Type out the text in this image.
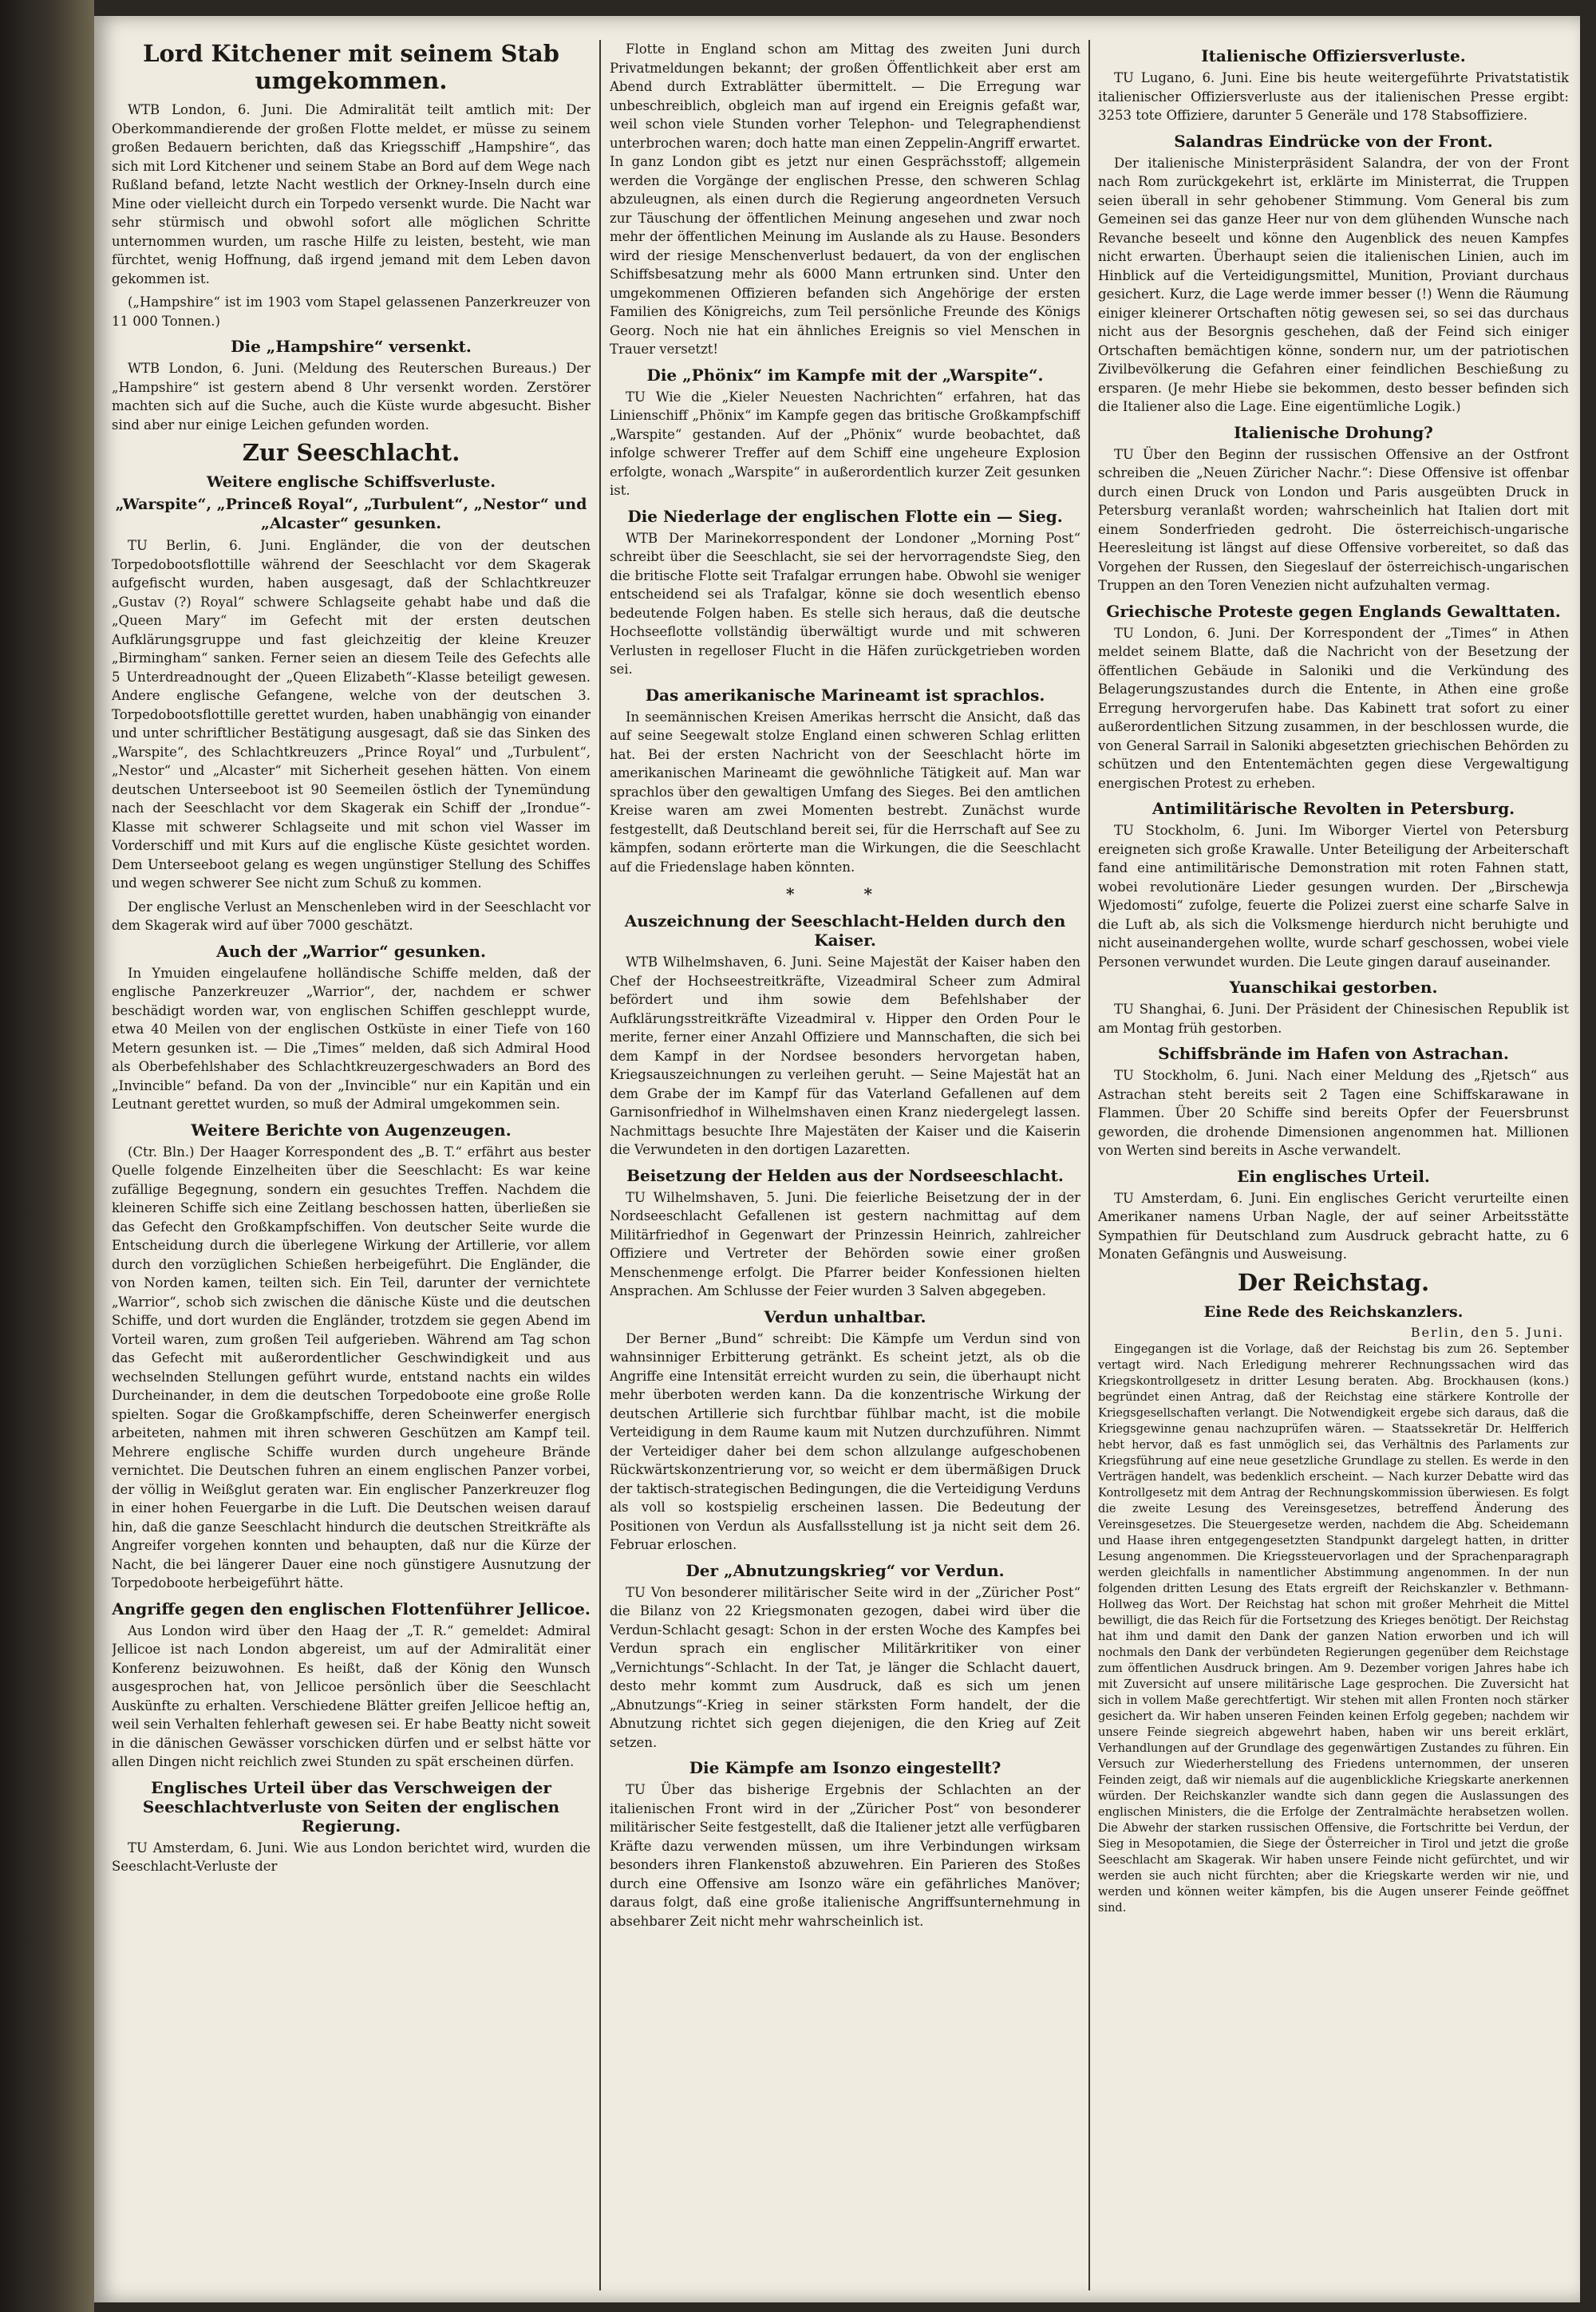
Lord Kitchener mit seinem Stab umgekommen.

WTB London, 6. Juni. Die Admiralität teilt amtlich mit: Der Oberkommandierende der großen Flotte meldet, er müsse zu seinem großen Bedauern berichten, daß das Kriegsschiff „Hampshire“, das sich mit Lord Kitchener und seinem Stabe an Bord auf dem Wege nach Rußland befand, letzte Nacht westlich der Orkney-Inseln durch eine Mine oder vielleicht durch ein Torpedo versenkt wurde. Die Nacht war sehr stürmisch und obwohl sofort alle möglichen Schritte unternommen wurden, um rasche Hilfe zu leisten, besteht, wie man fürchtet, wenig Hoffnung, daß irgend jemand mit dem Leben davon gekommen ist.

(„Hampshire“ ist im 1903 vom Stapel gelassenen Panzerkreuzer von 11 000 Tonnen.)

Die „Hampshire“ versenkt.

WTB London, 6. Juni. (Meldung des Reuterschen Bureaus.) Der „Hampshire“ ist gestern abend 8 Uhr versenkt worden. Zerstörer machten sich auf die Suche, auch die Küste wurde abgesucht. Bisher sind aber nur einige Leichen gefunden worden.

Zur Seeschlacht.
Weitere englische Schiffsverluste.
„Warspite“, „Princeß Royal“, „Turbulent“, „Nestor“ und „Alcaster“ gesunken.

TU Berlin, 6. Juni. Engländer, die von der deutschen Torpedobootsflottille während der Seeschlacht vor dem Skagerak aufgefischt wurden, haben ausgesagt, daß der Schlachtkreuzer „Gustav (?) Royal“ schwere Schlagseite gehabt habe und daß die „Queen Mary“ im Gefecht mit der ersten deutschen Aufklärungsgruppe und fast gleichzeitig der kleine Kreuzer „Birmingham“ sanken. Ferner seien an diesem Teile des Gefechts alle 5 Unterdreadnought der „Queen Elizabeth“-Klasse beteiligt gewesen. Andere englische Gefangene, welche von der deutschen 3. Torpedobootsflottille gerettet wurden, haben unabhängig von einander und unter schriftlicher Bestätigung ausgesagt, daß sie das Sinken des „Warspite“, des Schlachtkreuzers „Prince Royal“ und „Turbulent“, „Nestor“ und „Alcaster“ mit Sicherheit gesehen hätten. Von einem deutschen Unterseeboot ist 90 Seemeilen östlich der Tynemündung nach der Seeschlacht vor dem Skagerak ein Schiff der „Irondue“-Klasse mit schwerer Schlagseite und mit schon viel Wasser im Vorderschiff und mit Kurs auf die englische Küste gesichtet worden. Dem Unterseeboot gelang es wegen ungünstiger Stellung des Schiffes und wegen schwerer See nicht zum Schuß zu kommen.

Der englische Verlust an Menschenleben wird in der Seeschlacht vor dem Skagerak wird auf über 7000 geschätzt.

Auch der „Warrior“ gesunken.

In Ymuiden eingelaufene holländische Schiffe melden, daß der englische Panzerkreuzer „Warrior“, der, nachdem er schwer beschädigt worden war, von englischen Schiffen geschleppt wurde, etwa 40 Meilen von der englischen Ostküste in einer Tiefe von 160 Metern gesunken ist. — Die „Times“ melden, daß sich Admiral Hood als Oberbefehlshaber des Schlachtkreuzergeschwaders an Bord des „Invincible“ befand. Da von der „Invincible“ nur ein Kapitän und ein Leutnant gerettet wurden, so muß der Admiral umgekommen sein.

Weitere Berichte von Augenzeugen.

(Ctr. Bln.) Der Haager Korrespondent des „B. T.“ erfährt aus bester Quelle folgende Einzelheiten über die Seeschlacht: Es war keine zufällige Begegnung, sondern ein gesuchtes Treffen. Nachdem die kleineren Schiffe sich eine Zeitlang beschossen hatten, überließen sie das Gefecht den Großkampfschiffen. Von deutscher Seite wurde die Entscheidung durch die überlegene Wirkung der Artillerie, vor allem durch den vorzüglichen Schießen herbeigeführt. Die Engländer, die von Norden kamen, teilten sich. Ein Teil, darunter der vernichtete „Warrior“, schob sich zwischen die dänische Küste und die deutschen Schiffe, und dort wurden die Engländer, trotzdem sie gegen Abend im Vorteil waren, zum großen Teil aufgerieben. Während am Tag schon das Gefecht mit außerordentlicher Geschwindigkeit und aus wechselnden Stellungen geführt wurde, entstand nachts ein wildes Durcheinander, in dem die deutschen Torpedoboote eine große Rolle spielten. Sogar die Großkampfschiffe, deren Scheinwerfer energisch arbeiteten, nahmen mit ihren schweren Geschützen am Kampf teil. Mehrere englische Schiffe wurden durch ungeheure Brände vernichtet. Die Deutschen fuhren an einem englischen Panzer vorbei, der völlig in Weißglut geraten war. Ein englischer Panzerkreuzer flog in einer hohen Feuergarbe in die Luft. Die Deutschen weisen darauf hin, daß die ganze Seeschlacht hindurch die deutschen Streitkräfte als Angreifer vorgehen konnten und behaupten, daß nur die Kürze der Nacht, die bei längerer Dauer eine noch günstigere Ausnutzung der Torpedoboote herbeigeführt hätte.

Angriffe gegen den englischen Flottenführer Jellicoe.

Aus London wird über den Haag der „T. R.“ gemeldet: Admiral Jellicoe ist nach London abgereist, um auf der Admiralität einer Konferenz beizuwohnen. Es heißt, daß der König den Wunsch ausgesprochen hat, von Jellicoe persönlich über die Seeschlacht Auskünfte zu erhalten. Verschiedene Blätter greifen Jellicoe heftig an, weil sein Verhalten fehlerhaft gewesen sei. Er habe Beatty nicht soweit in die dänischen Gewässer vorschicken dürfen und er selbst hätte vor allen Dingen nicht reichlich zwei Stunden zu spät erscheinen dürfen.

Englisches Urteil über das Verschweigen der Seeschlachtverluste von Seiten der englischen Regierung.

TU Amsterdam, 6. Juni. Wie aus London berichtet wird, wurden die Seeschlacht-Verluste der

Flotte in England schon am Mittag des zweiten Juni durch Privatmeldungen bekannt; der großen Öffentlichkeit aber erst am Abend durch Extrablätter übermittelt. — Die Erregung war unbeschreiblich, obgleich man auf irgend ein Ereignis gefaßt war, weil schon viele Stunden vorher Telephon- und Telegraphendienst unterbrochen waren; doch hatte man einen Zeppelin-Angriff erwartet. In ganz London gibt es jetzt nur einen Gesprächsstoff; allgemein werden die Vorgänge der englischen Presse, den schweren Schlag abzuleugnen, als einen durch die Regierung angeordneten Versuch zur Täuschung der öffentlichen Meinung angesehen und zwar noch mehr der öffentlichen Meinung im Auslande als zu Hause. Besonders wird der riesige Menschenverlust bedauert, da von der englischen Schiffsbesatzung mehr als 6000 Mann ertrunken sind. Unter den umgekommenen Offizieren befanden sich Angehörige der ersten Familien des Königreichs, zum Teil persönliche Freunde des Königs Georg. Noch nie hat ein ähnliches Ereignis so viel Menschen in Trauer versetzt!

Die „Phönix“ im Kampfe mit der „Warspite“.

TU Wie die „Kieler Neuesten Nachrichten“ erfahren, hat das Linienschiff „Phönix“ im Kampfe gegen das britische Großkampfschiff „Warspite“ gestanden. Auf der „Phönix“ wurde beobachtet, daß infolge schwerer Treffer auf dem Schiff eine ungeheure Explosion erfolgte, wonach „Warspite“ in außerordentlich kurzer Zeit gesunken ist.

Die Niederlage der englischen Flotte ein — Sieg.

WTB Der Marinekorrespondent der Londoner „Morning Post“ schreibt über die Seeschlacht, sie sei der hervorragendste Sieg, den die britische Flotte seit Trafalgar errungen habe. Obwohl sie weniger entscheidend sei als Trafalgar, könne sie doch wesentlich ebenso bedeutende Folgen haben. Es stelle sich heraus, daß die deutsche Hochseeflotte vollständig überwältigt wurde und mit schweren Verlusten in regelloser Flucht in die Häfen zurückgetrieben worden sei.

Das amerikanische Marineamt ist sprachlos.

In seemännischen Kreisen Amerikas herrscht die Ansicht, daß das auf seine Seegewalt stolze England einen schweren Schlag erlitten hat. Bei der ersten Nachricht von der Seeschlacht hörte im amerikanischen Marineamt die gewöhnliche Tätigkeit auf. Man war sprachlos über den gewaltigen Umfang des Sieges. Bei den amtlichen Kreise waren am zwei Momenten bestrebt. Zunächst wurde festgestellt, daß Deutschland bereit sei, für die Herrschaft auf See zu kämpfen, sodann erörterte man die Wirkungen, die die Seeschlacht auf die Friedenslage haben könnten.

* *
Auszeichnung der Seeschlacht-Helden durch den Kaiser.

WTB Wilhelmshaven, 6. Juni. Seine Majestät der Kaiser haben den Chef der Hochseestreitkräfte, Vizeadmiral Scheer zum Admiral befördert und ihm sowie dem Befehlshaber der Aufklärungsstreitkräfte Vizeadmiral v. Hipper den Orden Pour le merite, ferner einer Anzahl Offiziere und Mannschaften, die sich bei dem Kampf in der Nordsee besonders hervorgetan haben, Kriegsauszeichnungen zu verleihen geruht. — Seine Majestät hat an dem Grabe der im Kampf für das Vaterland Gefallenen auf dem Garnisonfriedhof in Wilhelmshaven einen Kranz niedergelegt lassen. Nachmittags besuchte Ihre Majestäten der Kaiser und die Kaiserin die Verwundeten in den dortigen Lazaretten.

Beisetzung der Helden aus der Nordseeschlacht.

TU Wilhelmshaven, 5. Juni. Die feierliche Beisetzung der in der Nordseeschlacht Gefallenen ist gestern nachmittag auf dem Militärfriedhof in Gegenwart der Prinzessin Heinrich, zahlreicher Offiziere und Vertreter der Behörden sowie einer großen Menschenmenge erfolgt. Die Pfarrer beider Konfessionen hielten Ansprachen. Am Schlusse der Feier wurden 3 Salven abgegeben.

Verdun unhaltbar.

Der Berner „Bund“ schreibt: Die Kämpfe um Verdun sind von wahnsinniger Erbitterung getränkt. Es scheint jetzt, als ob die Angriffe eine Intensität erreicht wurden zu sein, die überhaupt nicht mehr überboten werden kann. Da die konzentrische Wirkung der deutschen Artillerie sich furchtbar fühlbar macht, ist die mobile Verteidigung in dem Raume kaum mit Nutzen durchzuführen. Nimmt der Verteidiger daher bei dem schon allzulange aufgeschobenen Rückwärtskonzentrierung vor, so weicht er dem übermäßigen Druck der taktisch-strategischen Bedingungen, die die Verteidigung Verduns als voll so kostspielig erscheinen lassen. Die Bedeutung der Positionen von Verdun als Ausfallsstellung ist ja nicht seit dem 26. Februar erloschen.

Der „Abnutzungskrieg“ vor Verdun.

TU Von besonderer militärischer Seite wird in der „Züricher Post“ die Bilanz von 22 Kriegsmonaten gezogen, dabei wird über die Verdun-Schlacht gesagt: Schon in der ersten Woche des Kampfes bei Verdun sprach ein englischer Militärkritiker von einer „Vernichtungs“-Schlacht. In der Tat, je länger die Schlacht dauert, desto mehr kommt zum Ausdruck, daß es sich um jenen „Abnutzungs“-Krieg in seiner stärksten Form handelt, der die Abnutzung richtet sich gegen diejenigen, die den Krieg auf Zeit setzen.

Die Kämpfe am Isonzo eingestellt?

TU Über das bisherige Ergebnis der Schlachten an der italienischen Front wird in der „Züricher Post“ von besonderer militärischer Seite festgestellt, daß die Italiener jetzt alle verfügbaren Kräfte dazu verwenden müssen, um ihre Verbindungen wirksam besonders ihren Flankenstoß abzuwehren. Ein Parieren des Stoßes durch eine Offensive am Isonzo wäre ein gefährliches Manöver; daraus folgt, daß eine große italienische Angriffsunternehmung in absehbarer Zeit nicht mehr wahrscheinlich ist.

Italienische Offiziersverluste.

TU Lugano, 6. Juni. Eine bis heute weitergeführte Privatstatistik italienischer Offiziersverluste aus der italienischen Presse ergibt: 3253 tote Offiziere, darunter 5 Generäle und 178 Stabsoffiziere.

Salandras Eindrücke von der Front.

Der italienische Ministerpräsident Salandra, der von der Front nach Rom zurückgekehrt ist, erklärte im Ministerrat, die Truppen seien überall in sehr gehobener Stimmung. Vom General bis zum Gemeinen sei das ganze Heer nur von dem glühenden Wunsche nach Revanche beseelt und könne den Augenblick des neuen Kampfes nicht erwarten. Überhaupt seien die italienischen Linien, auch im Hinblick auf die Verteidigungsmittel, Munition, Proviant durchaus gesichert. Kurz, die Lage werde immer besser (!) Wenn die Räumung einiger kleinerer Ortschaften nötig gewesen sei, so sei das durchaus nicht aus der Besorgnis geschehen, daß der Feind sich einiger Ortschaften bemächtigen könne, sondern nur, um der patriotischen Zivilbevölkerung die Gefahren einer feindlichen Beschießung zu ersparen. (Je mehr Hiebe sie bekommen, desto besser befinden sich die Italiener also die Lage. Eine eigentümliche Logik.)

Italienische Drohung?

TU Über den Beginn der russischen Offensive an der Ostfront schreiben die „Neuen Züricher Nachr.“: Diese Offensive ist offenbar durch einen Druck von London und Paris ausgeübten Druck in Petersburg veranlaßt worden; wahrscheinlich hat Italien dort mit einem Sonderfrieden gedroht. Die österreichisch-ungarische Heeresleitung ist längst auf diese Offensive vorbereitet, so daß das Vorgehen der Russen, den Siegeslauf der österreichisch-ungarischen Truppen an den Toren Venezien nicht aufzuhalten vermag.

Griechische Proteste gegen Englands Gewalttaten.

TU London, 6. Juni. Der Korrespondent der „Times“ in Athen meldet seinem Blatte, daß die Nachricht von der Besetzung der öffentlichen Gebäude in Saloniki und die Verkündung des Belagerungszustandes durch die Entente, in Athen eine große Erregung hervorgerufen habe. Das Kabinett trat sofort zu einer außerordentlichen Sitzung zusammen, in der beschlossen wurde, die von General Sarrail in Saloniki abgesetzten griechischen Behörden zu schützen und den Ententemächten gegen diese Vergewaltigung energischen Protest zu erheben.

Antimilitärische Revolten in Petersburg.

TU Stockholm, 6. Juni. Im Wiborger Viertel von Petersburg ereigneten sich große Krawalle. Unter Beteiligung der Arbeiterschaft fand eine antimilitärische Demonstration mit roten Fahnen statt, wobei revolutionäre Lieder gesungen wurden. Der „Birschewja Wjedomosti“ zufolge, feuerte die Polizei zuerst eine scharfe Salve in die Luft ab, als sich die Volksmenge hierdurch nicht beruhigte und nicht auseinandergehen wollte, wurde scharf geschossen, wobei viele Personen verwundet wurden. Die Leute gingen darauf auseinander.

Yuanschikai gestorben.

TU Shanghai, 6. Juni. Der Präsident der Chinesischen Republik ist am Montag früh gestorben.

Schiffsbrände im Hafen von Astrachan.

TU Stockholm, 6. Juni. Nach einer Meldung des „Rjetsch“ aus Astrachan steht bereits seit 2 Tagen eine Schiffskarawane in Flammen. Über 20 Schiffe sind bereits Opfer der Feuersbrunst geworden, die drohende Dimensionen angenommen hat. Millionen von Werten sind bereits in Asche verwandelt.

Ein englisches Urteil.

TU Amsterdam, 6. Juni. Ein englisches Gericht verurteilte einen Amerikaner namens Urban Nagle, der auf seiner Arbeitsstätte Sympathien für Deutschland zum Ausdruck gebracht hatte, zu 6 Monaten Gefängnis und Ausweisung.

Der Reichstag.
Eine Rede des Reichskanzlers.
Berlin, den 5. Juni.

Eingegangen ist die Vorlage, daß der Reichstag bis zum 26. September vertagt wird. Nach Erledigung mehrerer Rechnungssachen wird das Kriegskontrollgesetz in dritter Lesung beraten. Abg. Brockhausen (kons.) begründet einen Antrag, daß der Reichstag eine stärkere Kontrolle der Kriegsgesellschaften verlangt. Die Notwendigkeit ergebe sich daraus, daß die Kriegsgewinne genau nachzuprüfen wären. — Staatssekretär Dr. Helfferich hebt hervor, daß es fast unmöglich sei, das Verhältnis des Parlaments zur Kriegsführung auf eine neue gesetzliche Grundlage zu stellen. Es werde in den Verträgen handelt, was bedenklich erscheint. — Nach kurzer Debatte wird das Kontrollgesetz mit dem Antrag der Rechnungskommission überwiesen. Es folgt die zweite Lesung des Vereinsgesetzes, betreffend Änderung des Vereinsgesetzes. Die Steuergesetze werden, nachdem die Abg. Scheidemann und Haase ihren entgegengesetzten Standpunkt dargelegt hatten, in dritter Lesung angenommen. Die Kriegssteuervorlagen und der Sprachenparagraph werden gleichfalls in namentlicher Abstimmung angenommen. In der nun folgenden dritten Lesung des Etats ergreift der Reichskanzler v. Bethmann-Hollweg das Wort. Der Reichstag hat schon mit großer Mehrheit die Mittel bewilligt, die das Reich für die Fortsetzung des Krieges benötigt. Der Reichstag hat ihm und damit den Dank der ganzen Nation erworben und ich will nochmals den Dank der verbündeten Regierungen gegenüber dem Reichstage zum öffentlichen Ausdruck bringen. Am 9. Dezember vorigen Jahres habe ich mit Zuversicht auf unsere militärische Lage gesprochen. Die Zuversicht hat sich in vollem Maße gerechtfertigt. Wir stehen mit allen Fronten noch stärker gesichert da. Wir haben unseren Feinden keinen Erfolg gegeben; nachdem wir unsere Feinde siegreich abgewehrt haben, haben wir uns bereit erklärt, Verhandlungen auf der Grundlage des gegenwärtigen Zustandes zu führen. Ein Versuch zur Wiederherstellung des Friedens unternommen, der unseren Feinden zeigt, daß wir niemals auf die augenblickliche Kriegskarte anerkennen würden. Der Reichskanzler wandte sich dann gegen die Auslassungen des englischen Ministers, die die Erfolge der Zentralmächte herabsetzen wollen. Die Abwehr der starken russischen Offensive, die Fortschritte bei Verdun, der Sieg in Mesopotamien, die Siege der Österreicher in Tirol und jetzt die große Seeschlacht am Skagerak. Wir haben unsere Feinde nicht gefürchtet, und wir werden sie auch nicht fürchten; aber die Kriegskarte werden wir nie, und werden und können weiter kämpfen, bis die Augen unserer Feinde geöffnet sind.
